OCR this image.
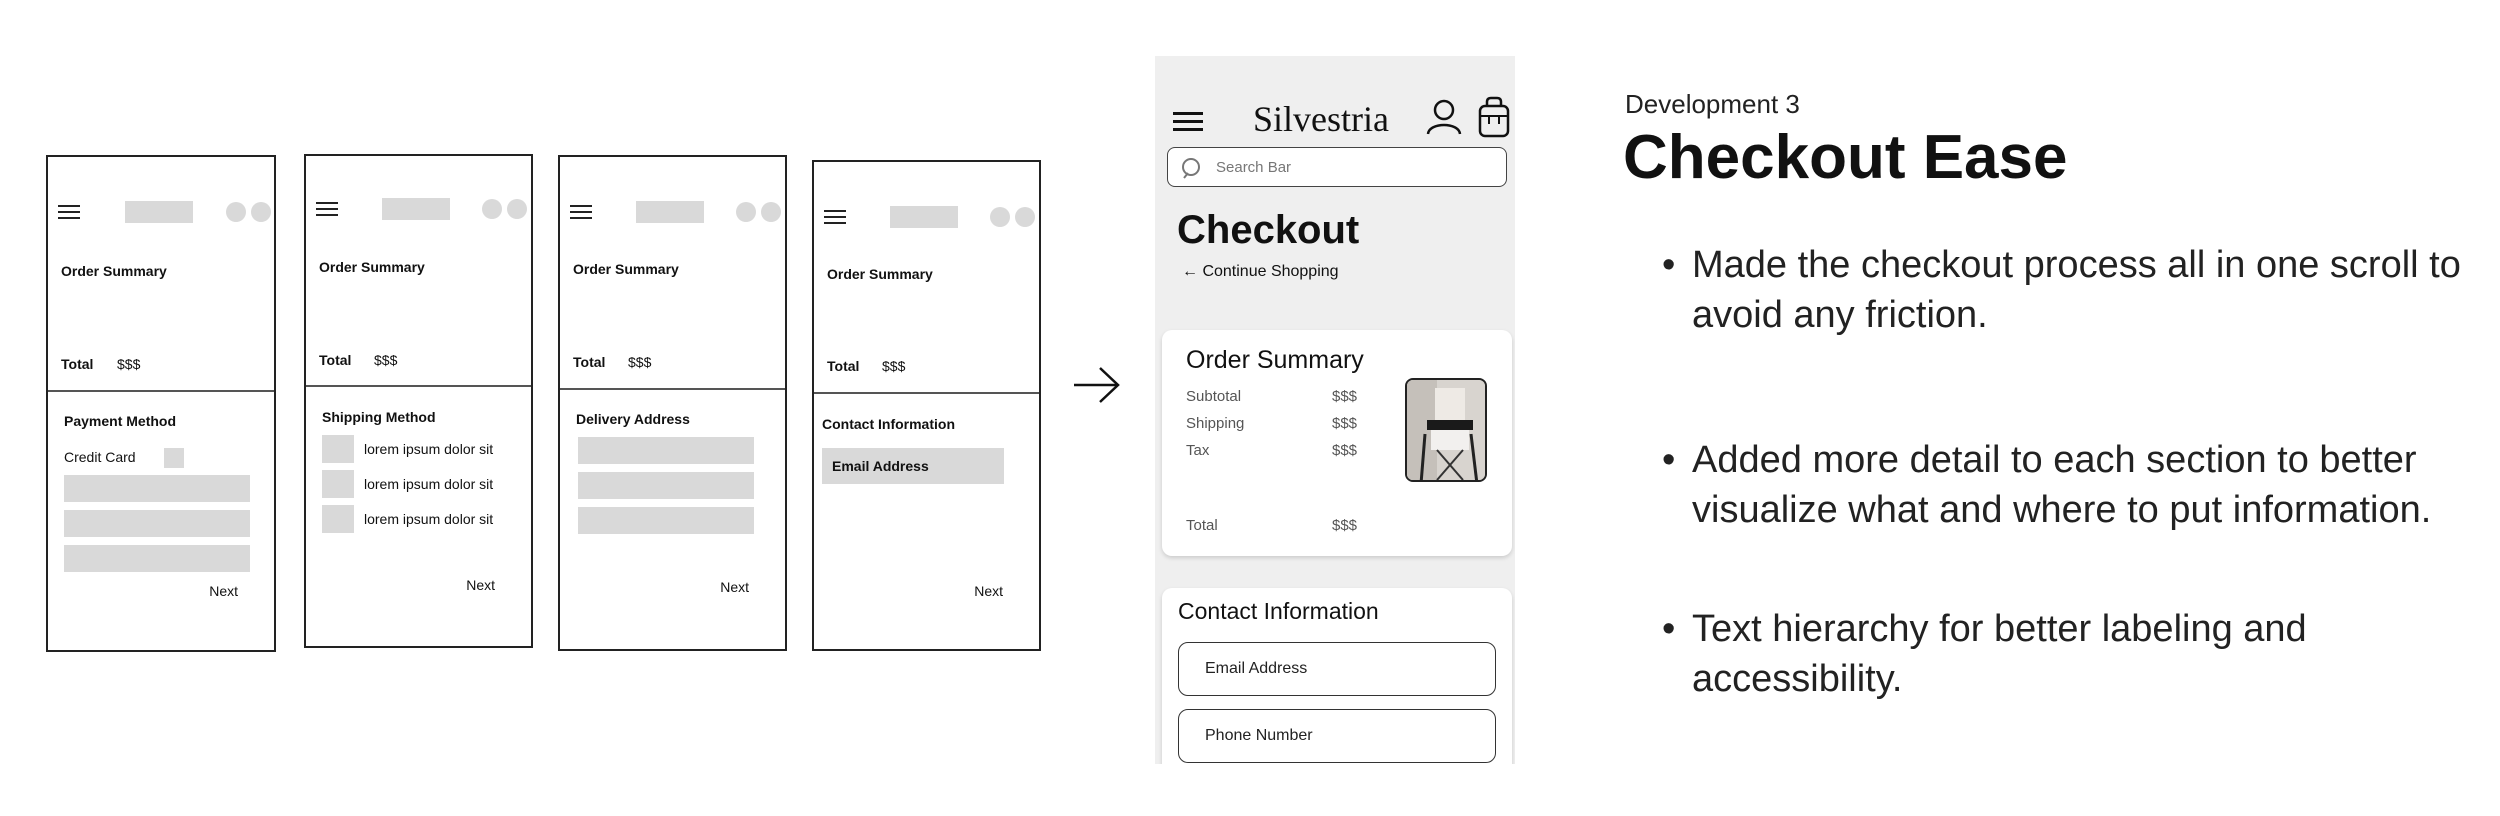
Order Summary
Total $$$
Payment Method
Credit Card
Next
Order Summary
Total $$$
Shipping Method
lorem ipsum dolor sit
lorem ipsum dolor sit
lorem ipsum dolor sit
Next
Order Summary
Total $$$
Delivery Address
Next
Order Summary
Total $$$
Contact Information
Email Address
Next
Silvestria
Search Bar
Checkout
← Continue Shopping
Order Summary
Subtotal	$$$
Shipping	$$$
Tax	$$$
Total	$$$
Contact Information
Email Address
Phone Number
Development 3
Checkout Ease
• Made the checkout process all in one scroll to avoid any friction.
• Added more detail to each section to better visualize what and where to put information.
• Text hierarchy for better labeling and accessibility.
